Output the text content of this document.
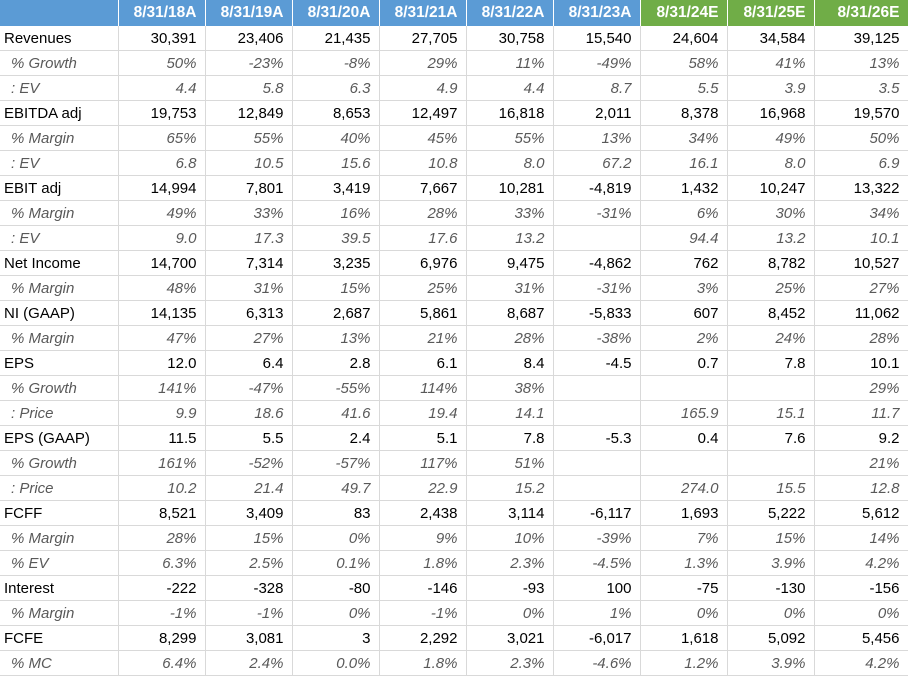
	8/31/18A	8/31/19A	8/31/20A	8/31/21A	8/31/22A	8/31/23A	8/31/24E	8/31/25E	8/31/26E
Revenues	30,391	23,406	21,435	27,705	30,758	15,540	24,604	34,584	39,125
% Growth	50%	-23%	-8%	29%	11%	-49%	58%	41%	13%
: EV	4.4	5.8	6.3	4.9	4.4	8.7	5.5	3.9	3.5
EBITDA adj	19,753	12,849	8,653	12,497	16,818	2,011	8,378	16,968	19,570
% Margin	65%	55%	40%	45%	55%	13%	34%	49%	50%
: EV	6.8	10.5	15.6	10.8	8.0	67.2	16.1	8.0	6.9
EBIT adj	14,994	7,801	3,419	7,667	10,281	-4,819	1,432	10,247	13,322
% Margin	49%	33%	16%	28%	33%	-31%	6%	30%	34%
: EV	9.0	17.3	39.5	17.6	13.2		94.4	13.2	10.1
Net Income	14,700	7,314	3,235	6,976	9,475	-4,862	762	8,782	10,527
% Margin	48%	31%	15%	25%	31%	-31%	3%	25%	27%
NI (GAAP)	14,135	6,313	2,687	5,861	8,687	-5,833	607	8,452	11,062
% Margin	47%	27%	13%	21%	28%	-38%	2%	24%	28%
EPS	12.0	6.4	2.8	6.1	8.4	-4.5	0.7	7.8	10.1
% Growth	141%	-47%	-55%	114%	38%				29%
: Price	9.9	18.6	41.6	19.4	14.1		165.9	15.1	11.7
EPS (GAAP)	11.5	5.5	2.4	5.1	7.8	-5.3	0.4	7.6	9.2
% Growth	161%	-52%	-57%	117%	51%				21%
: Price	10.2	21.4	49.7	22.9	15.2		274.0	15.5	12.8
FCFF	8,521	3,409	83	2,438	3,114	-6,117	1,693	5,222	5,612
% Margin	28%	15%	0%	9%	10%	-39%	7%	15%	14%
% EV	6.3%	2.5%	0.1%	1.8%	2.3%	-4.5%	1.3%	3.9%	4.2%
Interest	-222	-328	-80	-146	-93	100	-75	-130	-156
% Margin	-1%	-1%	0%	-1%	0%	1%	0%	0%	0%
FCFE	8,299	3,081	3	2,292	3,021	-6,017	1,618	5,092	5,456
% MC	6.4%	2.4%	0.0%	1.8%	2.3%	-4.6%	1.2%	3.9%	4.2%
